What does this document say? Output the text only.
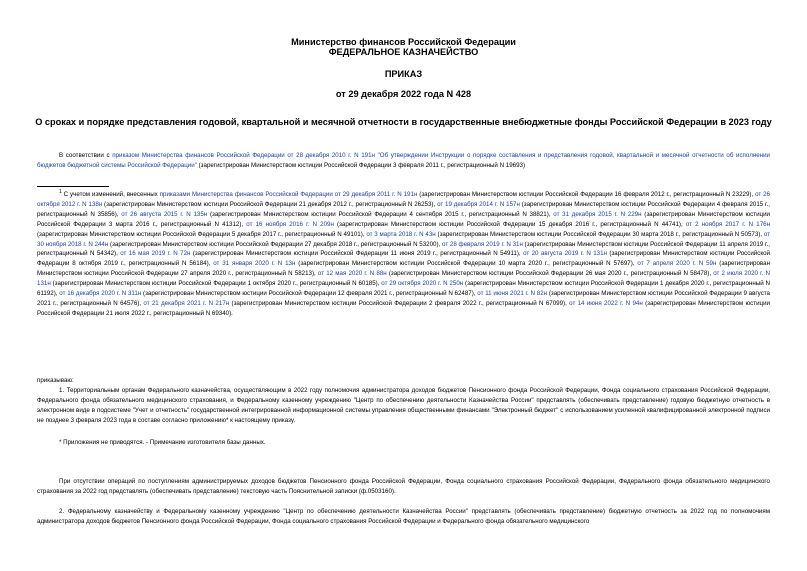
Министерство финансов Российской Федерации
ФЕДЕРАЛЬНОЕ КАЗНАЧЕЙСТВО
ПРИКАЗ
от 29 декабря 2022 года N 428
О сроках и порядке представления годовой, квартальной и месячной отчетности в государственные внебюджетные фонды Российской Федерации в 2023 году
В соответствии с приказом Министерства финансов Российской Федерации от 28 декабря 2010 г. N 191н "Об утверждении Инструкции о порядке составления и представления годовой, квартальной и месячной отчетности об исполнении бюджетов бюджетной системы Российской Федерации" (зарегистрирован Министерством юстиции Российской Федерации 3 февраля 2011 г., регистрационный N 19693)
$^1$ С учетом изменений, внесенных приказами Министерства финансов Российской Федерации от 29 декабря 2011 г. N 191н (зарегистрирован Министерством юстиции Российской Федерации 16 февраля 2012 г., регистрационный N 23229), от 26 октября 2012 г. N 138н (зарегистрирован Министерством юстиции Российской Федерации 21 декабря 2012 г., регистрационный N 26253), от 19 декабря 2014 г. N 157н (зарегистрирован Министерством юстиции Российской Федерации 4 февраля 2015 г., регистрационный N 35856), от 26 августа 2015 г. N 135н (зарегистрирован Министерством юстиции Российской Федерации 4 сентября 2015 г., регистрационный N 38821), от 31 декабря 2015 г. N 229н (зарегистрирован Министерством юстиции Российской Федерации 3 марта 2016 г., регистрационный N 41312), от 16 ноября 2016 г. N 209н (зарегистрирован Министерством юстиции Российской Федерации 15 декабря 2016 г., регистрационный N 44741), от 2 ноября 2017 г. N 176н (зарегистрирован Министерством юстиции Российской Федерации 5 декабря 2017 г., регистрационный N 49101), от 3 марта 2018 г. N 43н (зарегистрирован Министерством юстиции Российской Федерации 30 марта 2018 г., регистрационный N 50573), от 30 ноября 2018 г. N 244н (зарегистрирован Министерством юстиции Российской Федерации 27 декабря 2018 г., регистрационный N 53200), от 28 февраля 2019 г. N 31н (зарегистрирован Министерством юстиции Российской Федерации 11 апреля 2019 г., регистрационный N 54342), от 16 мая 2019 г. N 72н (зарегистрирован Министерством юстиции Российской Федерации 11 июня 2019 г., регистрационный N 54911), от 20 августа 2019 г. N 131н (зарегистрирован Министерством юстиции Российской Федерации 8 октября 2019 г., регистрационный N 56184), от 31 января 2020 г. N 13н (зарегистрирован Министерством юстиции Российской Федерации 10 марта 2020 г., регистрационный N 57697), от 7 апреля 2020 г. N 59н (зарегистрирован Министерством юстиции Российской Федерации 27 апреля 2020 г., регистрационный N 58213), от 12 мая 2020 г. N 88н (зарегистрирован Министерством юстиции Российской Федерации 26 мая 2020 г., регистрационный N 58478), от 2 июля 2020 г. N 131н (зарегистрирован Министерством юстиции Российской Федерации 1 октября 2020 г., регистрационный N 60185), от 29 октября 2020 г. N 250н (зарегистрирован Министерством юстиции Российской Федерации 1 декабря 2020 г., регистрационный N 61192), от 16 декабря 2020 г. N 311н (зарегистрирован Министерством юстиции Российской Федерации 12 февраля 2021 г., регистрационный N 62487), от 11 июня 2021 г. N 82н (зарегистрирован Министерством юстиции Российской Федерации 9 августа 2021 г., регистрационный N 64576), от 21 декабря 2021 г. N 217н (зарегистрирован Министерством юстиции Российской Федерации 2 февраля 2022 г., регистрационный N 67099), от 14 июня 2022 г. N 94н (зарегистрирован Министерством юстиции Российской Федерации 21 июля 2022 г., регистрационный N 69340).
приказываю:
1. Территориальным органам Федерального казначейства, осуществляющим в 2022 году полномочия администратора доходов бюджетов Пенсионного фонда Российской Федерации, Фонда социального страхования Российской Федерации, Федерального фонда обязательного медицинского страхования, и Федеральному казенному учреждению "Центр по обеспечению деятельности Казначейства России" представлять (обеспечивать представление) годовую бюджетную отчетность в электронном виде в подсистеме "Учет и отчетность" государственной интегрированной информационной системы управления общественными финансами "Электронный бюджет" с использованием усиленной квалифицированной электронной подписи не позднее 3 февраля 2023 года в составе согласно приложению* к настоящему приказу.
* Приложения не приводятся. - Примечание изготовителя базы данных.
При отсутствии операций по поступлениям администрируемых доходов бюджетов Пенсионного фонда Российской Федерации, Фонда социального страхования Российской Федерации, Федерального фонда обязательного медицинского страхования за 2022 год представлять (обеспечивать представление) текстовую часть Пояснительной записки (ф.0503160).
2. Федеральному казначейству и Федеральному казенному учреждению "Центр по обеспечению деятельности Казначейства России" представлять (обеспечивать представление) бюджетную отчетность за 2022 год по полномочиям администратора доходов бюджетов Пенсионного фонда Российской Федерации, Фонда социального страхования Российской Федерации и Федерального фонда обязательного медицинского
